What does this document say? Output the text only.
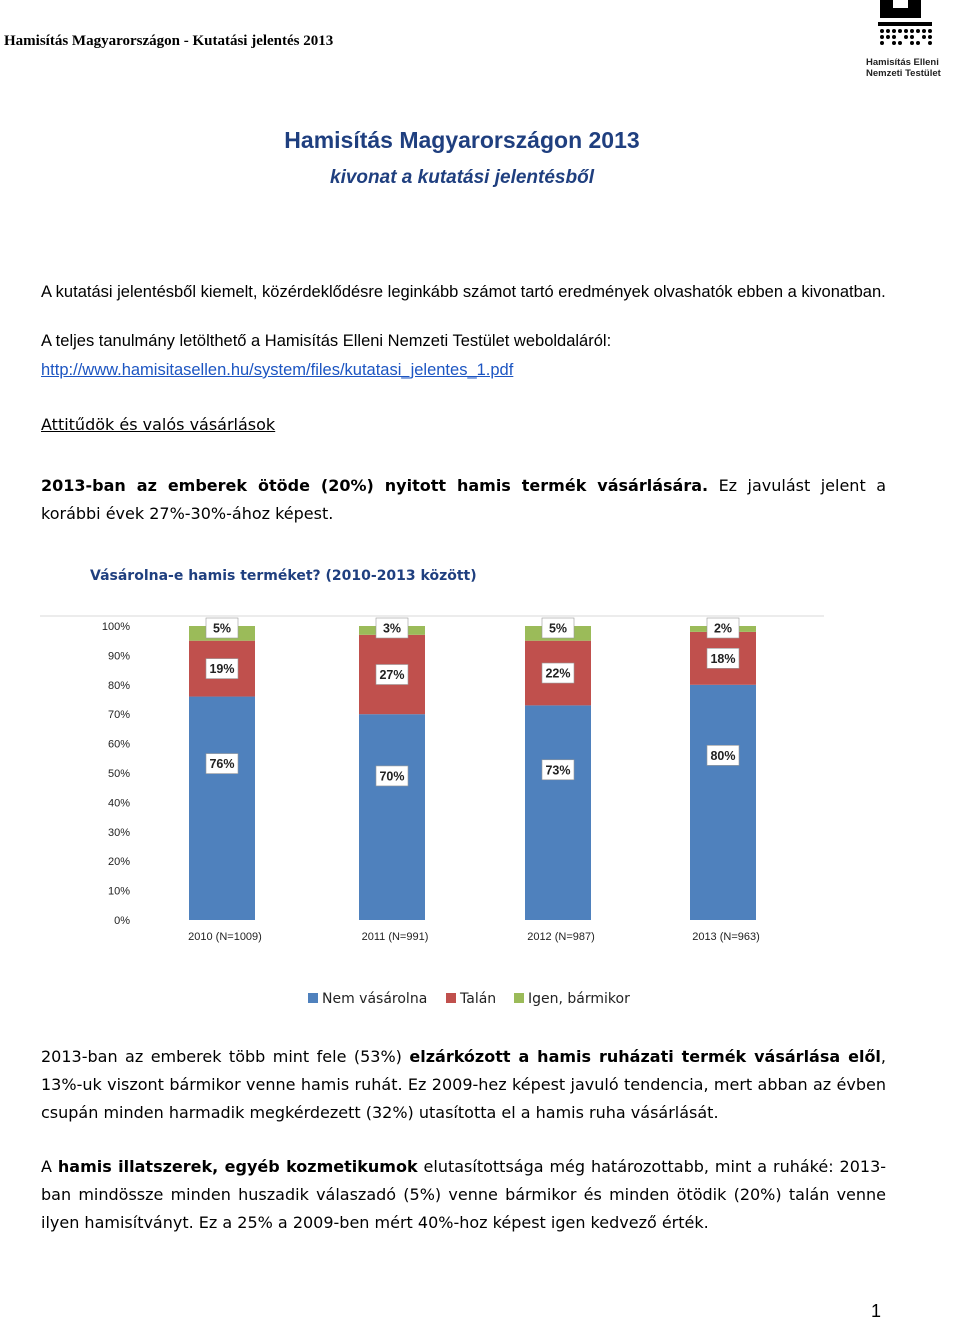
Hamisítás Magyarországon - Kutatási jelentés 2013
Hamisítás Elleni
Nemzeti Testület
Hamisítás Magyarországon 2013
kivonat a kutatási jelentésből
A kutatási jelentésből kiemelt, közérdeklődésre leginkább számot tartó eredmények olvashatók ebben a kivonatban.
A teljes tanulmány letölthető a Hamisítás Elleni Nemzeti Testület weboldaláról:
http://www.hamisitasellen.hu/system/files/kutatasi_jelentes_1.pdf
Attitűdök és valós vásárlások
2013-ban az emberek ötöde (20%) nyitott hamis termék vásárlására. Ez javulást jelent a korábbi évek 27%-30%-ához képest.
Vásárolna-e hamis terméket? (2010-2013 között)
0%
10%
20%
30%
40%
50%
60%
70%
80%
90%
100%
76%
19%
5%
2010 (N=1009)
70%
27%
3%
2011 (N=991)
73%
22%
5%
2012 (N=987)
80%
18%
2%
2013 (N=963)
Nem vásárolna Talán Igen, bármikor
2013-ban az emberek több mint fele (53%) elzárkózott a hamis ruházati termék vásárlása elől, 13%-uk viszont bármikor venne hamis ruhát. Ez 2009-hez képest javuló tendencia, mert abban az évben csupán minden harmadik megkérdezett (32%) utasította el a hamis ruha vásárlását.
A hamis illatszerek, egyéb kozmetikumok elutasítottsága még határozottabb, mint a ruháké: 2013-ban mindössze minden huszadik válaszadó (5%) venne bármikor és minden ötödik (20%) talán venne ilyen hamisítványt. Ez a 25% a 2009-ben mért 40%-hoz képest igen kedvező érték.
1
